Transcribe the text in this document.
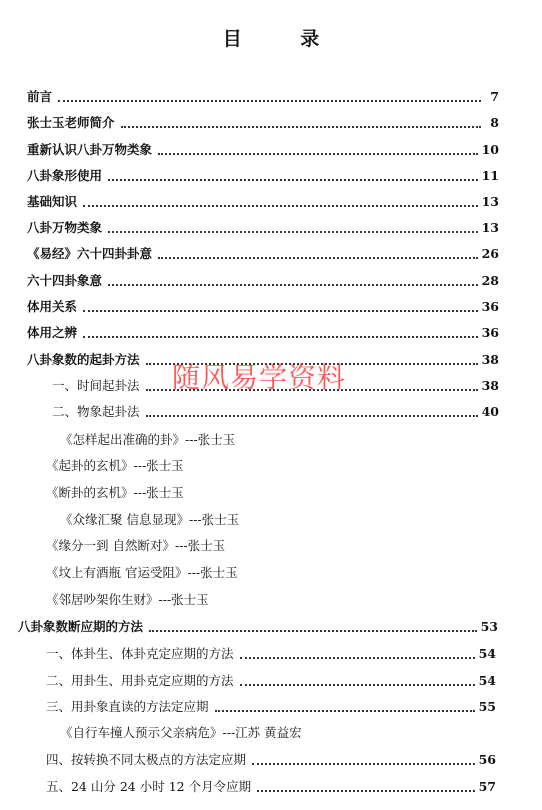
目 录
前言	7
张士玉老师简介	8
重新认识八卦万物类象	10
八卦象形使用	11
基础知识	13
八卦万物类象	13
《易经》六十四卦卦意	26
六十四卦象意	28
体用关系	36
体用之辨	36
八卦象数的起卦方法	38
一、时间起卦法	38
二、物象起卦法	40
《怎样起出准确的卦》---张士玉
《起卦的玄机》---张士玉
《断卦的玄机》---张士玉
《众缘汇聚 信息显现》---张士玉
《缘分一到 自然断对》---张士玉
《坟上有酒瓶 官运受阻》---张士玉
《邻居吵架你生财》---张士玉
八卦象数断应期的方法	53
一、体卦生、体卦克定应期的方法	54
二、用卦生、用卦克定应期的方法	54
三、用卦象直读的方法定应期	55
《自行车撞人预示父亲病危》---江苏 黄益宏
四、按转换不同太极点的方法定应期	56
五、24 山分 24 小时 12 个月令应期	57
随风易学资料
